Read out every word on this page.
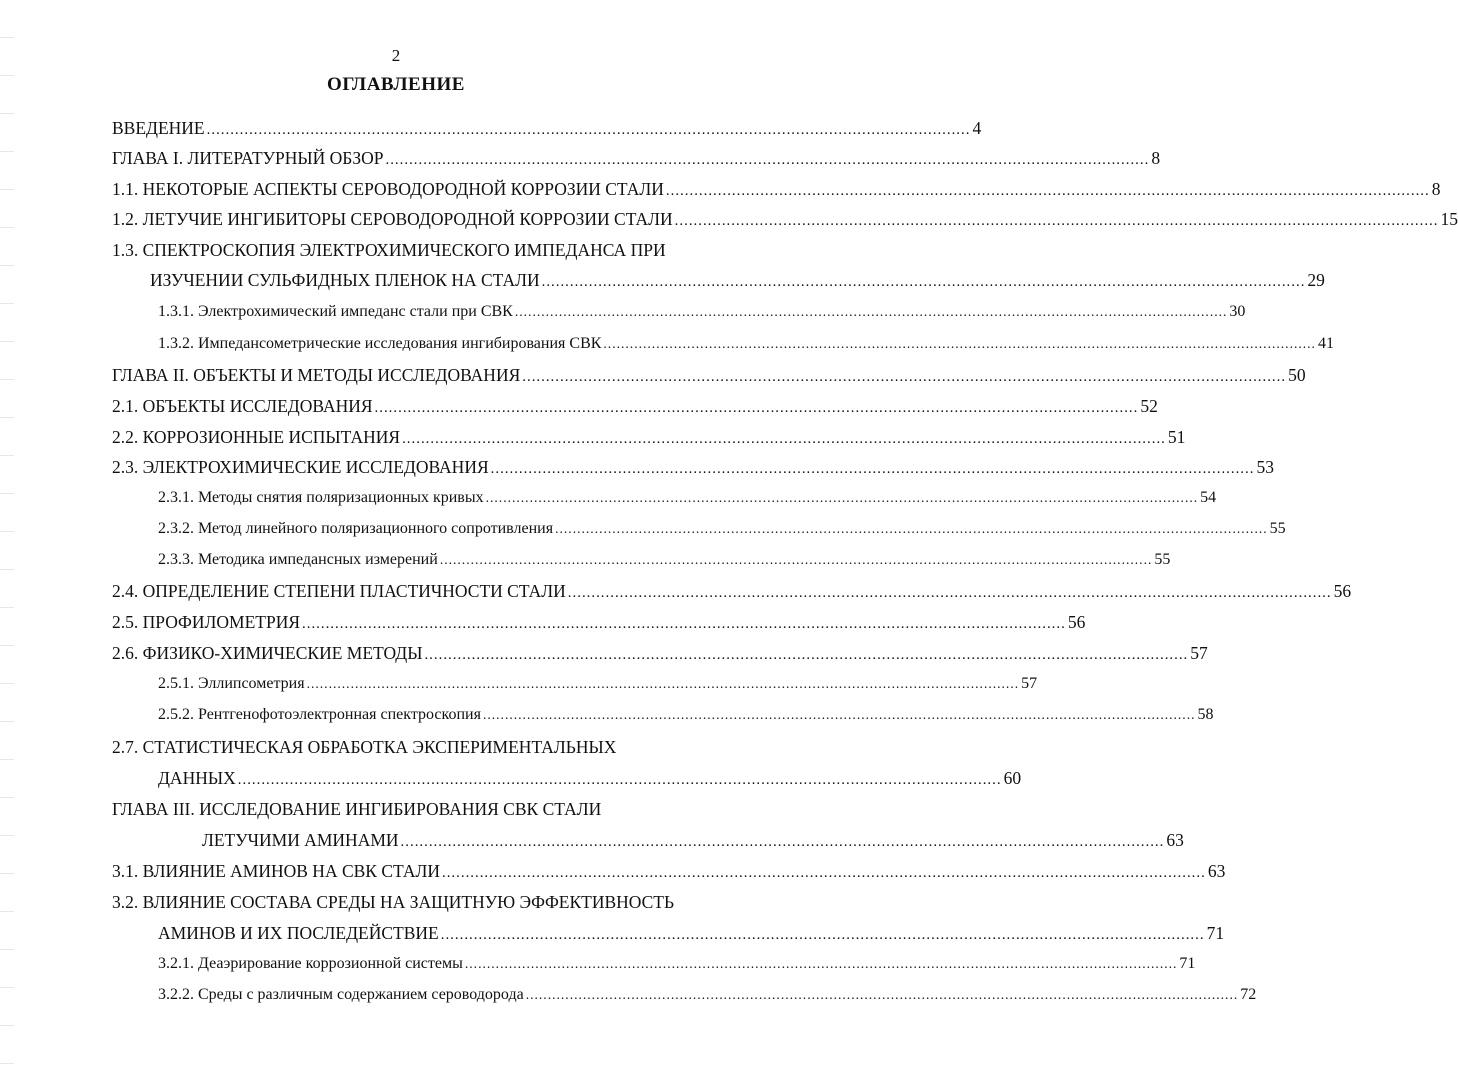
2
ОГЛАВЛЕНИЕ
ВВЕДЕНИЕ .................................................................................................................................................................. 4
ГЛАВА I. ЛИТЕРАТУРНЫЙ ОБЗОР .................................................................................................................................................................. 8
1.1. НЕКОТОРЫЕ АСПЕКТЫ СЕРОВОДОРОДНОЙ КОРРОЗИИ СТАЛИ .................................................................................................................................................................. 8
1.2. ЛЕТУЧИЕ ИНГИБИТОРЫ СЕРОВОДОРОДНОЙ КОРРОЗИИ СТАЛИ .................................................................................................................................................................. 15
1.3. СПЕКТРОСКОПИЯ ЭЛЕКТРОХИМИЧЕСКОГО ИМПЕДАНСА ПРИ
ИЗУЧЕНИИ СУЛЬФИДНЫХ ПЛЕНОК НА СТАЛИ .................................................................................................................................................................. 29
1.3.1. Электрохимический импеданс стали при СВК .................................................................................................................................................................. 30
1.3.2. Импедансометрические исследования ингибирования СВК .................................................................................................................................................................. 41
ГЛАВА II. ОБЪЕКТЫ И МЕТОДЫ ИССЛЕДОВАНИЯ .................................................................................................................................................................. 50
2.1. ОБЪЕКТЫ ИССЛЕДОВАНИЯ .................................................................................................................................................................. 52
2.2. КОРРОЗИОННЫЕ ИСПЫТАНИЯ .................................................................................................................................................................. 51
2.3. ЭЛЕКТРОХИМИЧЕСКИЕ ИССЛЕДОВАНИЯ .................................................................................................................................................................. 53
2.3.1. Методы снятия поляризационных кривых .................................................................................................................................................................. 54
2.3.2. Метод линейного поляризационного сопротивления .................................................................................................................................................................. 55
2.3.3. Методика импедансных измерений .................................................................................................................................................................. 55
2.4. ОПРЕДЕЛЕНИЕ СТЕПЕНИ ПЛАСТИЧНОСТИ СТАЛИ .................................................................................................................................................................. 56
2.5. ПРОФИЛОМЕТРИЯ .................................................................................................................................................................. 56
2.6. ФИЗИКО-ХИМИЧЕСКИЕ МЕТОДЫ .................................................................................................................................................................. 57
2.5.1. Эллипсометрия .................................................................................................................................................................. 57
2.5.2. Рентгенофотоэлектронная спектроскопия .................................................................................................................................................................. 58
2.7. СТАТИСТИЧЕСКАЯ ОБРАБОТКА ЭКСПЕРИМЕНТАЛЬНЫХ
ДАННЫХ .................................................................................................................................................................. 60
ГЛАВА III. ИССЛЕДОВАНИЕ ИНГИБИРОВАНИЯ СВК СТАЛИ
ЛЕТУЧИМИ АМИНАМИ .................................................................................................................................................................. 63
3.1. ВЛИЯНИЕ АМИНОВ НА СВК СТАЛИ .................................................................................................................................................................. 63
3.2. ВЛИЯНИЕ СОСТАВА СРЕДЫ НА ЗАЩИТНУЮ ЭФФЕКТИВНОСТЬ
АМИНОВ И ИХ ПОСЛЕДЕЙСТВИЕ .................................................................................................................................................................. 71
3.2.1. Деаэрирование коррозионной системы .................................................................................................................................................................. 71
3.2.2. Среды с различным содержанием сероводорода .................................................................................................................................................................. 72
